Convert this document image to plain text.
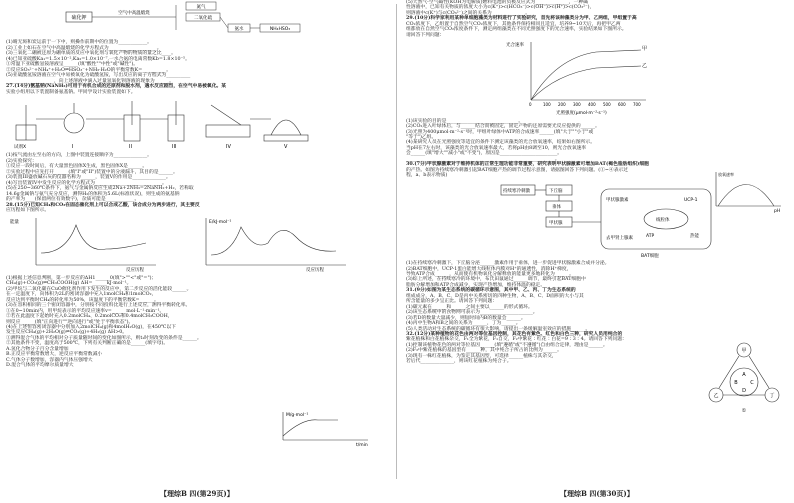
硫化钾
空气中高温煅烧
氮气
二氧化硫
氨水	NH₄HSO₃
(1)晴无斑和炭运前于一下中，则操作前期中的位置为____________。
(2)工业上如石在空气中高温煅烧的化学方程式为____________________。
(3)三氧化二硼被还原为硼单质的反应中氧化剂与氧化产物的物质的量之比____。
(4)已知亚硫酸Ka₁=1.5×10⁻²,Ka₂=1.0×10⁻⁷,一水合氨的电离常数Kb=1.8×10⁻⁵。
①常温下亚硫酸氢铵溶液呈______(填"酸性""中性"或"碱性")。
②反应SO₃²⁻+NH₄⁺+H₂O⇌HSO₃⁻+NH₃·H₂O的平衡常数K=__________。
(5)亚硫酸氢铵溶液在空气中易被氧化为硫酸氢铵，写出反应的离子方程式为__________
____________________，向上述溶液中滴入过量氢氧化钡溶液的现象为______。
27.(14分)氨基钠(NaNH₂)可用于有机合成的还原剂和脱水剂，遇水反应剧烈，在空气中易被氧化。某
实验小组用以下装置制备氨基钠。甲同学设计实验装置如下。
试剂X	I	II	III	IV	V
(1)按气流由左至右的方向，上图中装置连接顺序为______________。
(2)实验探究：
①反应一段时间后，有大量黑色固体X生成，黑色固体X是______。
②实验过程中应先打开______(填"I"或"II")装置中的分液漏斗，其目的是______。
(3)装置III盛放碱石灰的仪器名称为______，装置V的作用是______________。
(4)写出装置IV中发生反应的化学方程式为____________________________。
(5)在250~360℃条件下，氨气与金属钠反应生成2Na+2NH₃=2NaNH₂+H₂，若称取
14.6g金属钠与氨气充分反应，测得H₂的体积为5.6L(标准状况)，则生成的氨基钠
的产率为____(保留两位有效数字)，杂质可能是____________。
28.(15分)已知CH₄和CO₂在固态催化剂上可以合成乙酸，该合成分为两步进行，其主要反
应历程如下图所示。
能量
反应历程
E/kJ·mol⁻¹
反应历程
(1)根据上述信息判断，第一步反应的ΔH1______0(填">""<"或"=")；
CH₄(g)+CO₂(g)⇌CH₃COOH(g) ΔH=______kJ·mol⁻¹。
(2)甲烷与二氧化碳在CuO催化剂作用下发生的反应中，第二步反应的活化能较______。
在一定温度下，向体积为2L的密闭容器中充入1molCH₄和1molCO₂，
反应达到平衡时CH₄的转化率为50%，该温度下的平衡常数K=______。
(3)在容积相同的三个密闭容器中，分别按不同投料比进行上述反应，测得平衡转化率。
①在0~10min内，用甲烷表示的平均反应速率v=______mol·L⁻¹·min⁻¹。
②若在此温度下起始时充入0.2molCH₄、0.2molCO₂和0.4molCH₃COOH，
则反应______(填"正向进行""逆向进行"或"处于平衡状态")。
(4)在上述恒容密闭容器中分别加入2molCH₄(g)和4molH₂O(g)，在450℃以下
发生反应CH₄(g)+2H₂O(g)⇌CO₂(g)+4H₂(g) ΔH>0。
①测得混合气体的平均相对分子质量随时间的变化如图所示，则t₁时刻改变的条件是______。
②其他条件不变，温度高于500℃，下列有关判断正确的是______(填字母)。
A.氢化合物分子百分含量增加
B.正反应平衡常数增大，逆反应平衡常数减小
C.气体分子数增加，容器内气体压强增大
D.混合气体的平均摩尔质量增大
M/g·mol⁻¹
t/min
(5)天然气-空气碱性(KOH为电解质)燃料电池的负极反应式为______________，一种碱
性溶液中，已知有关物质的浓度大小为c(K⁺)>c(HCO₃⁻)>c(OH⁻)>c(H⁺)>c(CO₃²⁻)，
则溶液中c(K⁺)与c(CO₃²⁻)之间的关系为______________。
29.(10分)科学家利用某种单细胞藻类为材料进行了实验研究，首先将该种藻类分为甲、乙两组，甲组置于高
CO₂浓度下，乙组置于自然空气CO₂浓度下，其他条件保持相同且适宜，培养9~10天后，再把甲乙两
组都放在自然空气CO₂浓度条件下，测定两组藻类在不同光照强度下的光合速率，实验结果如下图所示。
请回答下列问题：
光合速率
甲
乙
0	100 200 300 400 500 600 700
光照强度(μmol·m⁻²·s⁻¹)
(1)该实验的目的是______________________________。
(2)CO₂进入叶绿体后，与______结合而被固定，固定产物的还原需要光反应提供的______。
(3)光照为400μmol·m⁻²·s⁻¹时，甲组叶绿体中ATP的合成速率______(填"大于""小于"或
"等于")乙组。
(4)某研究人员在光照强度等适宜的条件下测定该藻类的光合放氧速率，结果如右图所示。
当pH在7左右时，该藻类的光合放氧速率最大，若将pH由8调至10，则光合放氧速率
会______(填"增大""减小"或"不变")，原因是________________________。
______________________________________________________________。
放氧速率
pH
30.(7分)甲状腺激素对于维持机体的正常生理功能非常重要，研究表明甲状腺激素可增加BAT(褐色脂肪组织)细胞
的产热。如图为持续寒冷刺激引起BAT细胞产热的调节过程示意图，请据图回答下列问题。(①~④表示过
程，a、b表示物质)
持续寒冷刺激	下丘脑
垂体
甲状腺
甲状腺激素
去甲肾上腺素
UCP-1
线粒体
ATP	热能
BAT细胞
(1)在持续寒冷刺激下，下丘脑分泌______激素作用于垂体，进一步促进甲状腺激素合成并分泌。
(2)BAT细胞中，UCP-1蛋白能增大线粒体内膜对H⁺的通透性，消除H⁺梯度，
导致ATP合成______，从而使有机物氧化分解释放的能量更多地转化为______。
(3)综上所述，在持续寒冷的环境中，布氏田鼠通过______调节，最终引起BAT细胞中
脂肪分解增加和ATP合成减少，实现产热增加，维持体温的稳定。
31.(9分)如图为某生态系统的碳循环示意图，其中甲、乙、丙、丁为生态系统的
组成成分，A、B、C、D是丙中关系密切的四种生物，A、B、C、D面积的大小与其
所含能量的多少呈正比。请回答下列问题：
(1)碳元素在______和______之间主要以______的形式循环。
(2)该生态系统中的食物网可表示为______________________。
(3)若D的数量大量减少，则短时间内B的数量会______。
(4)丙中生物A和B之间的关系为______，丁为______。
(5)人类活动对生态系统的碳循环有很大影响，请提出一条缓解温室效应的措施______。
甲
乙	丁
A
B	C
D
①
32.(12分)某种植物的花色由两对等位基因控制，其花色有紫色、红色和白色三种，研究人员用纯合的
紫花植株和白花植株杂交，F₁全为紫花，F₁自交，F₂中紫花∶红花∶白花=9∶3∶4。请回答下列问题：
(1)控制该植物花色的两对等位基因______(填"遵循"或"不遵循")自由组合定律，理由是______。
(2)F₂中紫花植株的基因型有______种，其中纯合子所占的比例为______。
(3)现有一株红花植株，为鉴定其基因型，可选择______植株与其杂交，
若后代______________，则该红花植株为纯合子。
【理综B 四(第29页)】	【理综B 四(第30页)】
